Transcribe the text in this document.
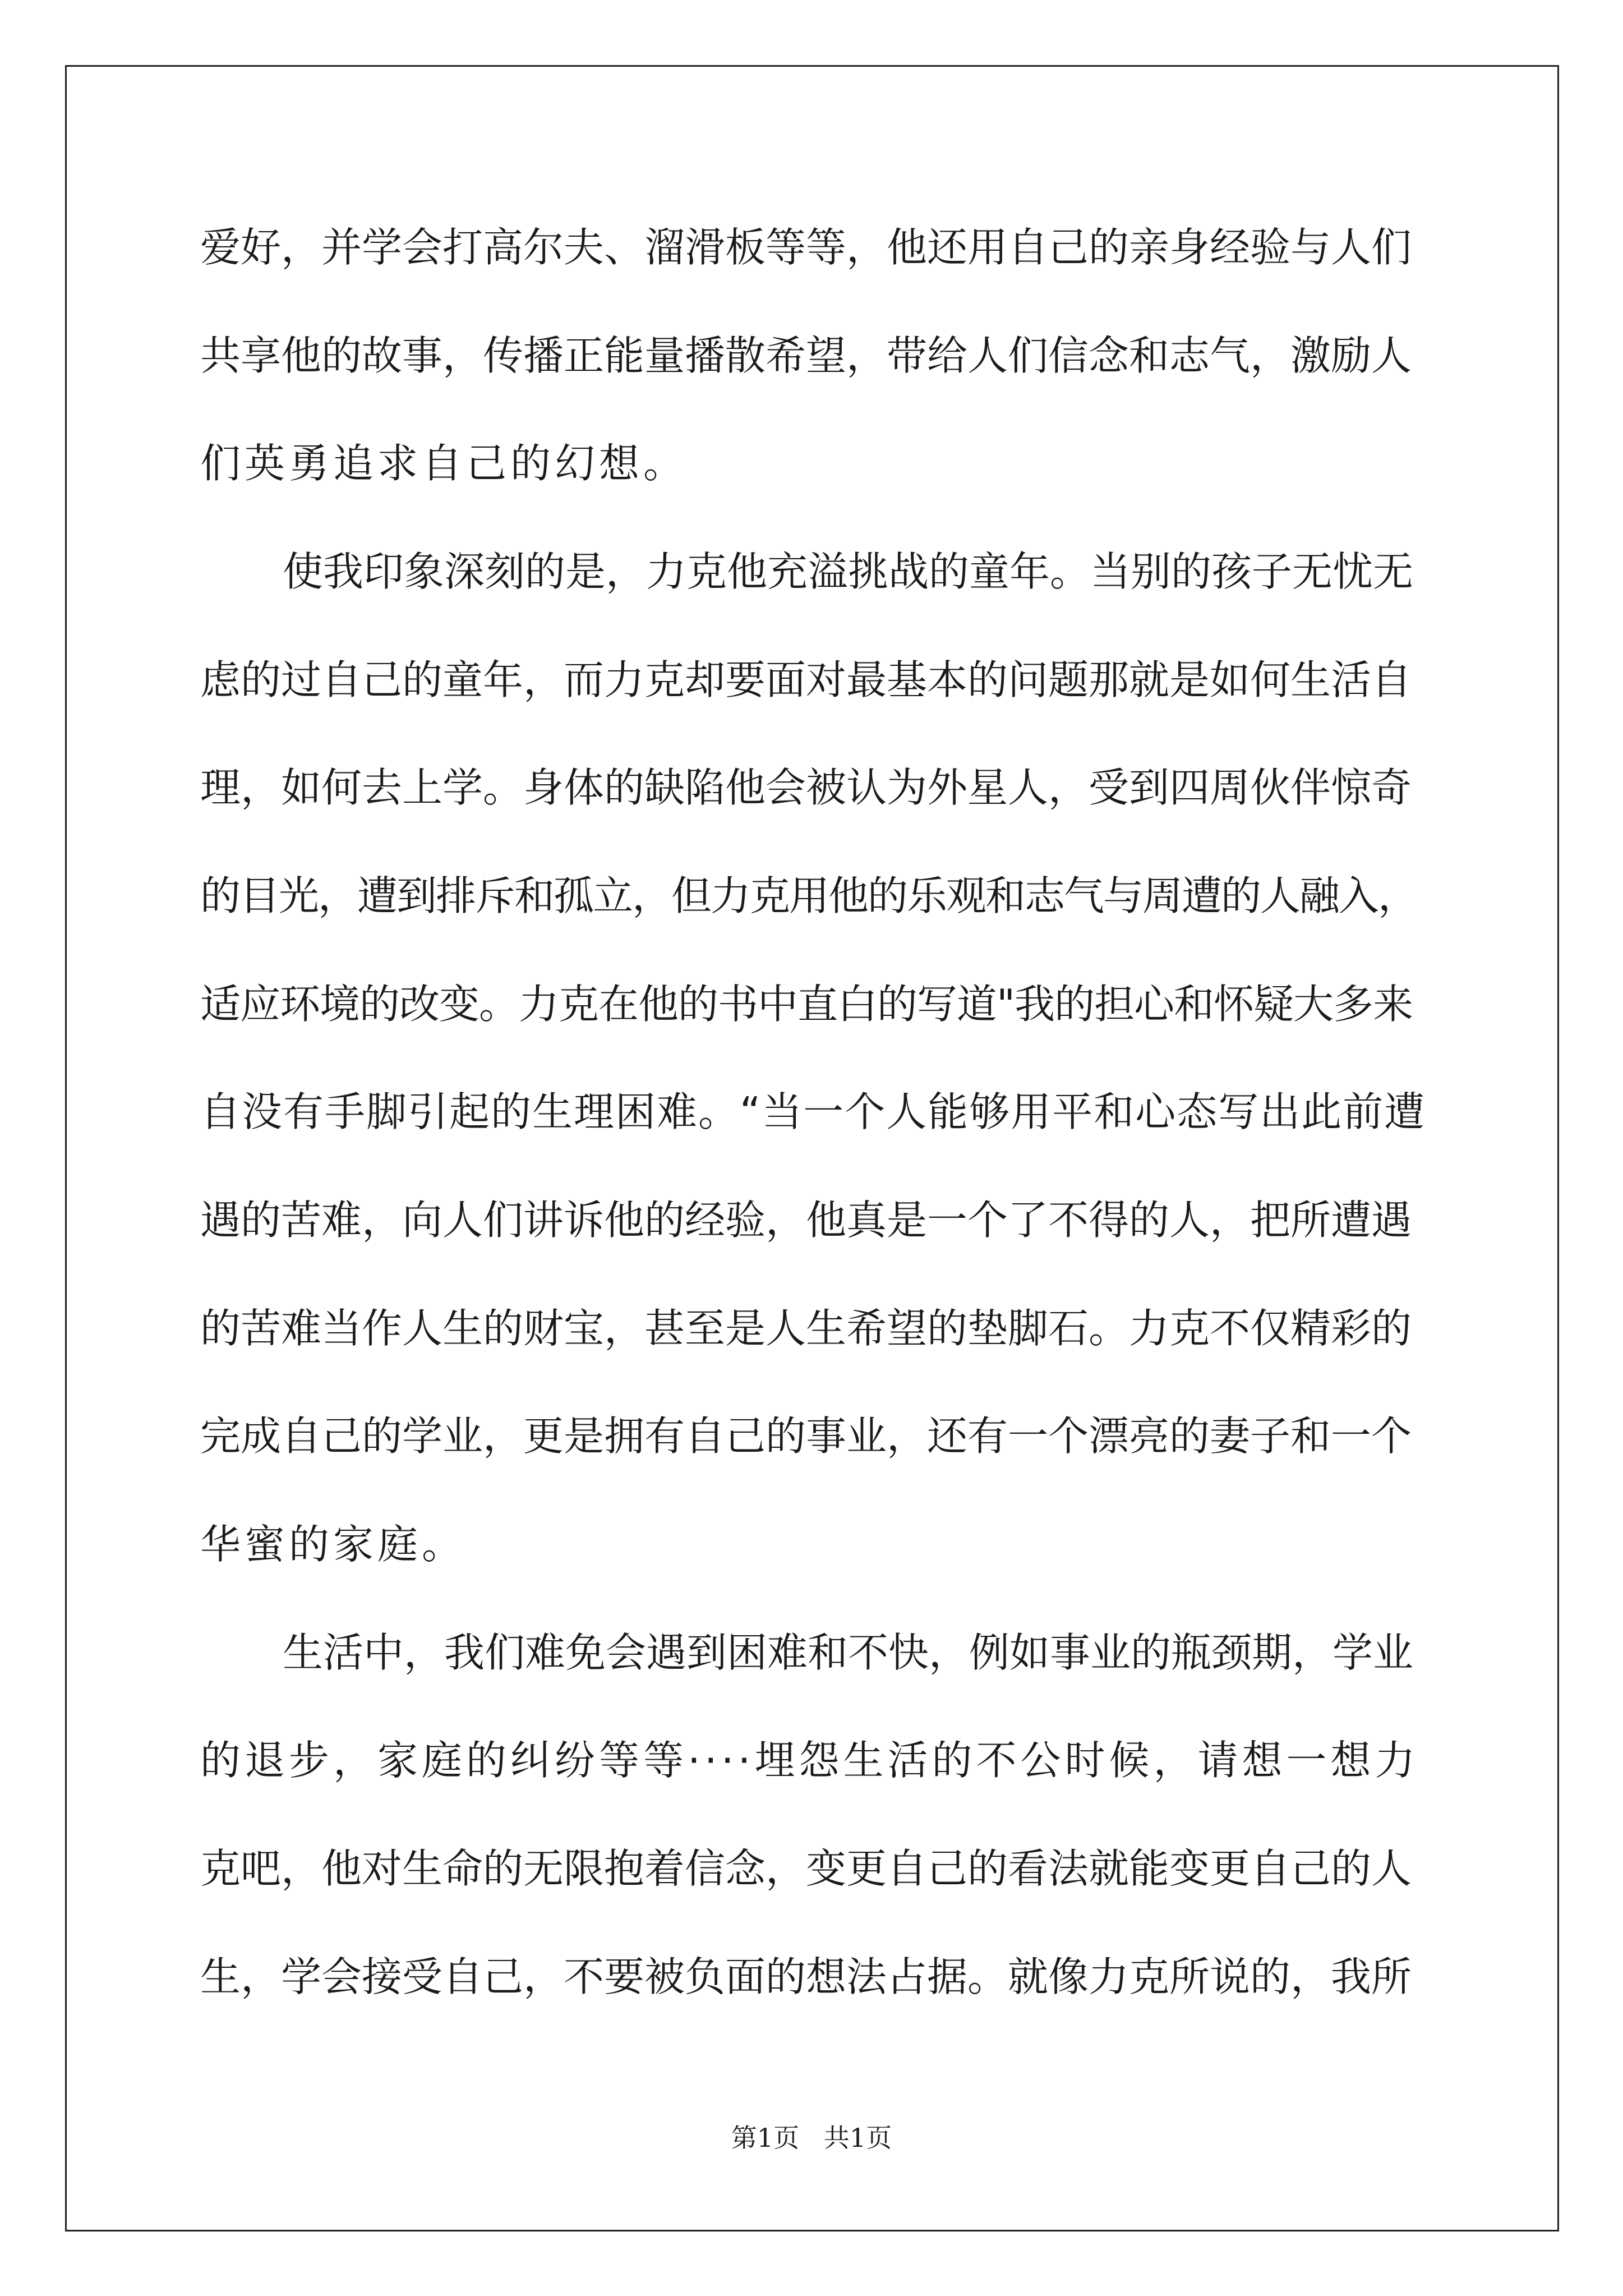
爱好，并学会打高尔夫、溜滑板等等，他还用自己的亲身经验与人们
共享他的故事，传播正能量播散希望，带给人们信念和志气，激励人
们英勇追求自己的幻想。
使我印象深刻的是，力克他充溢挑战的童年。当别的孩子无忧无
虑的过自己的童年，而力克却要面对最基本的问题那就是如何生活自
理，如何去上学。身体的缺陷他会被认为外星人，受到四周伙伴惊奇
的目光，遭到排斥和孤立，但力克用他的乐观和志气与周遭的人融入，
适应环境的改变。力克在他的书中直白的写道"我的担心和怀疑大多来
自没有手脚引起的生理困难。“当一个人能够用平和心态写出此前遭
遇的苦难，向人们讲诉他的经验，他真是一个了不得的人，把所遭遇
的苦难当作人生的财宝，甚至是人生希望的垫脚石。力克不仅精彩的
完成自己的学业，更是拥有自己的事业，还有一个漂亮的妻子和一个
华蜜的家庭。
生活中，我们难免会遇到困难和不快，例如事业的瓶颈期，学业
的退步，家庭的纠纷等等····埋怨生活的不公时候，请想一想力
克吧，他对生命的无限抱着信念，变更自己的看法就能变更自己的人
生，学会接受自己，不要被负面的想法占据。就像力克所说的，我所
第1页   共1页
